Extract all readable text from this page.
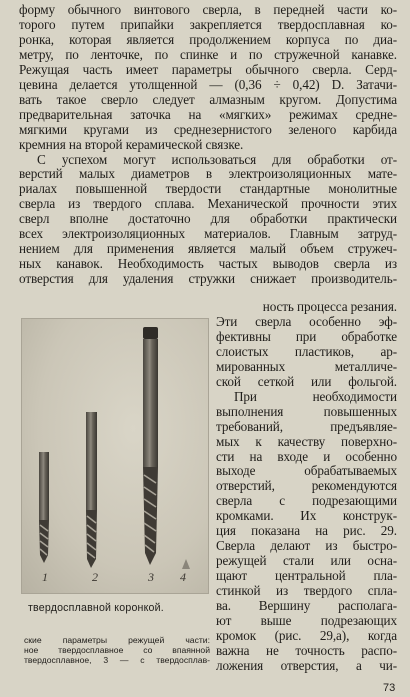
форму обычного винтового сверла, в передней части ко-
торого путем припайки закрепляется твердосплавная ко-
ронка, которая является продолжением корпуса по диа-
метру, по ленточке, по спинке и по стружечной канавке.
Режущая часть имеет параметры обычного сверла. Серд-
цевина делается утолщенной — (0,36 ÷ 0,42) D. Затачи-
вать такое сверло следует алмазным кругом. Допустима
предварительная заточка на «мягких» режимах средне-
мягкими кругами из среднезернистого зеленого карбида
кремния на второй керамической связке.
С успехом могут использоваться для обработки от-
верстий малых диаметров в электроизоляционных мате-
риалах повышенной твердости стандартные монолитные
сверла из твердого сплава. Механической прочности этих
сверл вполне достаточно для обработки практически
всех электроизоляционных материалов. Главным затруд-
нением для применения является малый объем стружеч-
ных канавок. Необходимость частых выводов сверла из
отверстия для удаления стружки снижает производитель-
ность процесса резания.
Эти сверла особенно эф-
фективны при обработке
слоистых пластиков, ар-
мированных металличе-
ской сеткой или фольгой.
При необходимости
выполнения повышенных
требований, предъявляе-
мых к качеству поверхно-
сти на входе и особенно
выходе обрабатываемых
отверстий, рекомендуются
сверла с подрезающими
кромками. Их конструк-
ция показана на рис. 29.
Сверла делают из быстро-
режущей стали или осна-
щают центральной пла-
стинкой из твердого спла-
ва. Вершину располага-
ют выше подрезающих
кромок (рис. 29,а), когда
важна не точность распо-
ложения отверстия, а чи-
1	2	3 4
твердосплавной коронкой.
ские параметры режущей части:
ное твердосплавное со впаянной
твердосплавное, 3 — с твердосплав-
73
